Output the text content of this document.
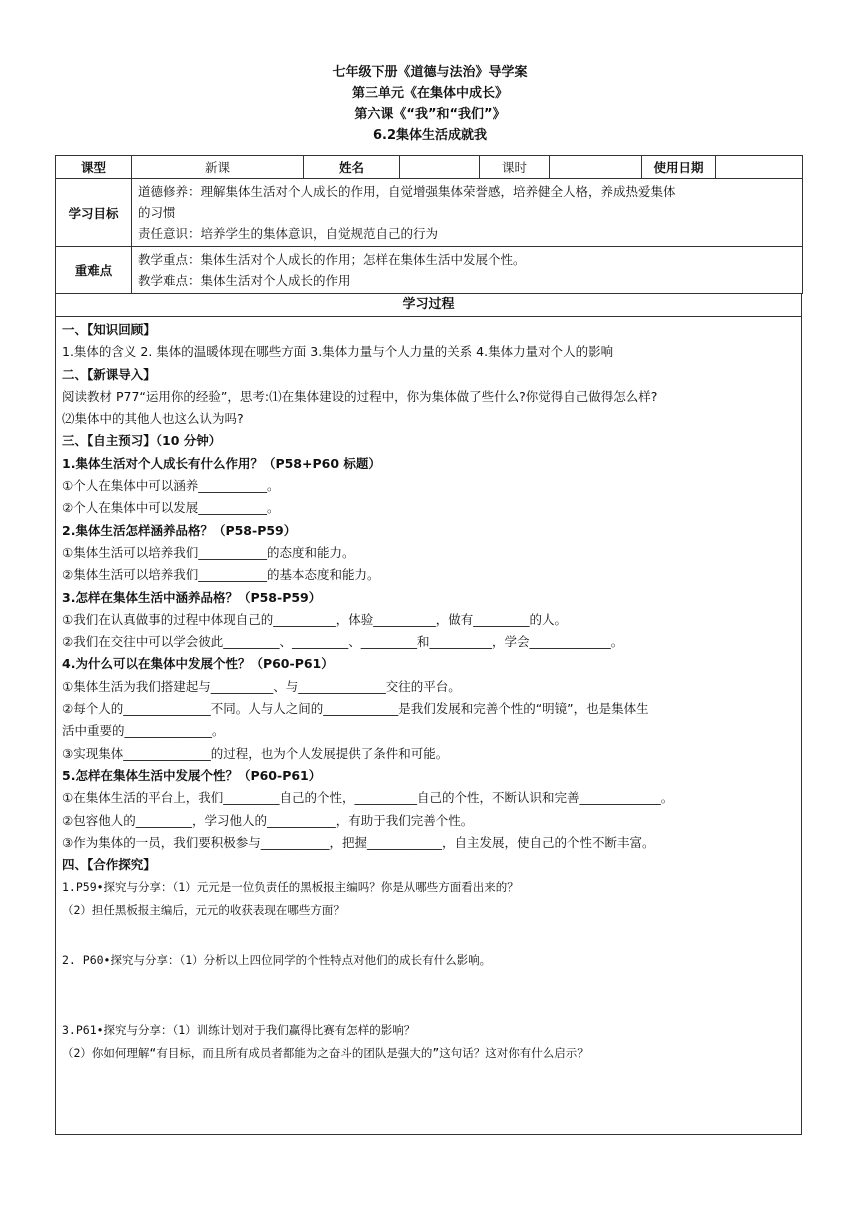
七年级下册《道德与法治》导学案
第三单元《在集体中成长》
第六课《“我”和“我们”》
6.2集体生活成就我
课型	新课	姓名		课时		使用日期	
学习目标	道德修养：理解集体生活对个人成长的作用，自觉增强集体荣誉感，培养健全人格，养成热爱集体
的习惯
责任意识：培养学生的集体意识，自觉规范自己的行为						

重难点	教学重点：集体生活对个人成长的作用；怎样在集体生活中发展个性。
教学难点：集体生活对个人成长的作用						
学习过程
一、【知识回顾】
1.集体的含义 2. 集体的温暖体现在哪些方面 3.集体力量与个人力量的关系 4.集体力量对个人的影响
二、【新课导入】
阅读教材 P77“运用你的经验”，思考:⑴在集体建设的过程中，你为集体做了些什么?你觉得自己做得怎么样?
⑵集体中的其他人也这么认为吗?
三、【自主预习】（10 分钟）
1.集体生活对个人成长有什么作用？（P58+P60 标题）
①个人在集体中可以涵养___________。
②个人在集体中可以发展___________。
2.集体生活怎样涵养品格？（P58-P59）
①集体生活可以培养我们___________的态度和能力。
②集体生活可以培养我们___________的基本态度和能力。
3.怎样在集体生活中涵养品格？（P58-P59）
①我们在认真做事的过程中体现自己的__________，体验__________，做有_________的人。
②我们在交往中可以学会彼此_________、_________、_________和__________，学会_____________。
4.为什么可以在集体中发展个性？（P60-P61）
①集体生活为我们搭建起与__________、与______________交往的平台。
②每个人的______________不同。人与人之间的____________是我们发展和完善个性的“明镜”，也是集体生
活中重要的______________。
③实现集体______________的过程，也为个人发展提供了条件和可能。
5.怎样在集体生活中发展个性？（P60-P61）
①在集体生活的平台上，我们_________自己的个性，__________自己的个性，不断认识和完善_____________。
②包容他人的_________，学习他人的___________，有助于我们完善个性。
③作为集体的一员，我们要积极参与___________，把握____________，自主发展，使自己的个性不断丰富。
四、【合作探究】
1.P59•探究与分享：（1）元元是一位负责任的黑板报主编吗？你是从哪些方面看出来的？
（2）担任黑板报主编后，元元的收获表现在哪些方面？
2. P60•探究与分享：（1）分析以上四位同学的个性特点对他们的成长有什么影响。
3.P61•探究与分享：（1）训练计划对于我们赢得比赛有怎样的影响？
（2）你如何理解“有目标，而且所有成员者都能为之奋斗的团队是强大的”这句话？这对你有什么启示？
